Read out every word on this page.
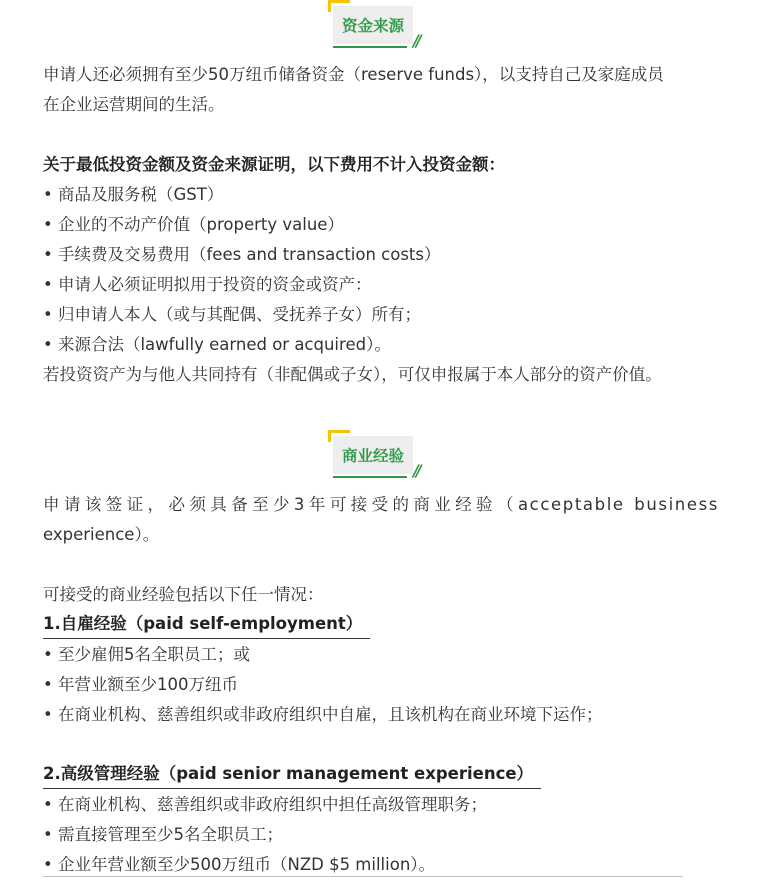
资金来源
//
申请人还必须拥有至少50万纽币储备资金（reserve funds），以支持自己及家庭成员
在企业运营期间的生活。
关于最低投资金额及资金来源证明，以下费用不计入投资金额：
• 商品及服务税（GST）
• 企业的不动产价值（property value）
• 手续费及交易费用（fees and transaction costs）
• 申请人必须证明拟用于投资的资金或资产：
• 归申请人本人（或与其配偶、受抚养子女）所有；
• 来源合法（lawfully earned or acquired）。
若投资资产为与他人共同持有（非配偶或子女），可仅申报属于本人部分的资产价值。
商业经验
//
申请该签证，必须具备至少3年可接受的商业经验（acceptable business
experience）。
可接受的商业经验包括以下任一情况：
1.自雇经验（paid self-employment）
• 至少雇佣5名全职员工；或
• 年营业额至少100万纽币
• 在商业机构、慈善组织或非政府组织中自雇，且该机构在商业环境下运作；
2.高级管理经验（paid senior management experience）
• 在商业机构、慈善组织或非政府组织中担任高级管理职务；
• 需直接管理至少5名全职员工；
• 企业年营业额至少500万纽币（NZD $5 million）。
